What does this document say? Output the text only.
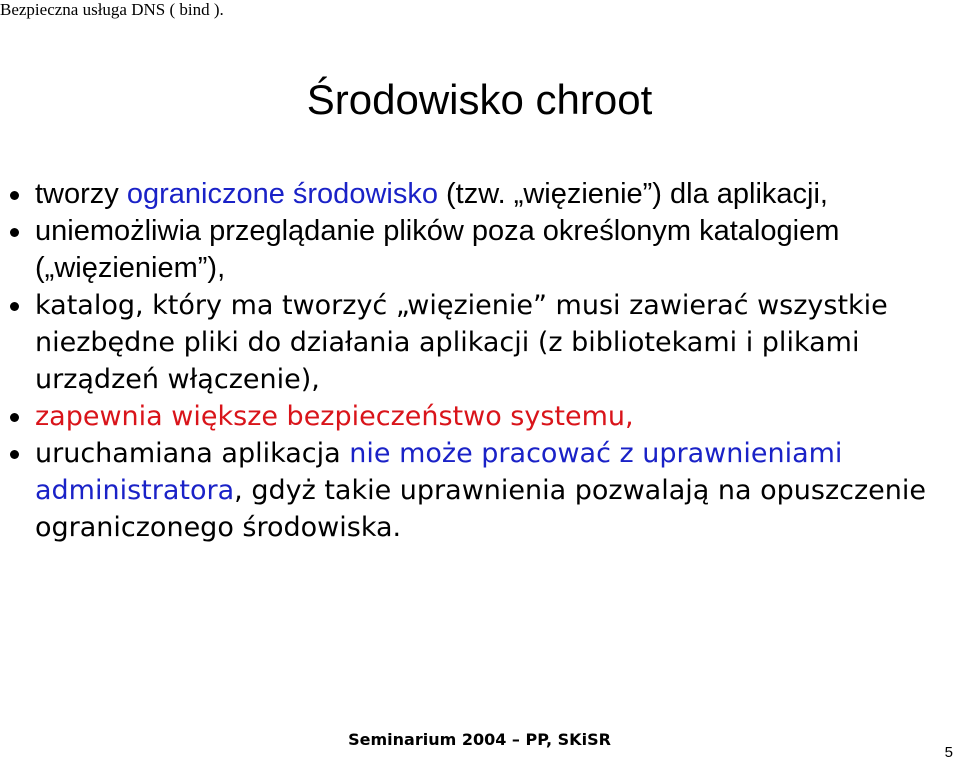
Bezpieczna usługa DNS ( bind ).
Środowisko chroot
tworzy ograniczone środowisko (tzw. „więzienie”) dla aplikacji,
uniemożliwia przeglądanie plików poza określonym katalogiem („więzieniem”),
katalog, który ma tworzyć „więzienie” musi zawierać wszystkie niezbędne pliki do działania aplikacji (z bibliotekami i plikami urządzeń włączenie),
zapewnia większe bezpieczeństwo systemu,
uruchamiana aplikacja nie może pracować z uprawnieniami administratora, gdyż takie uprawnienia pozwalają na opuszczenie ograniczonego środowiska.
Seminarium 2004 – PP, SKiSR
5
